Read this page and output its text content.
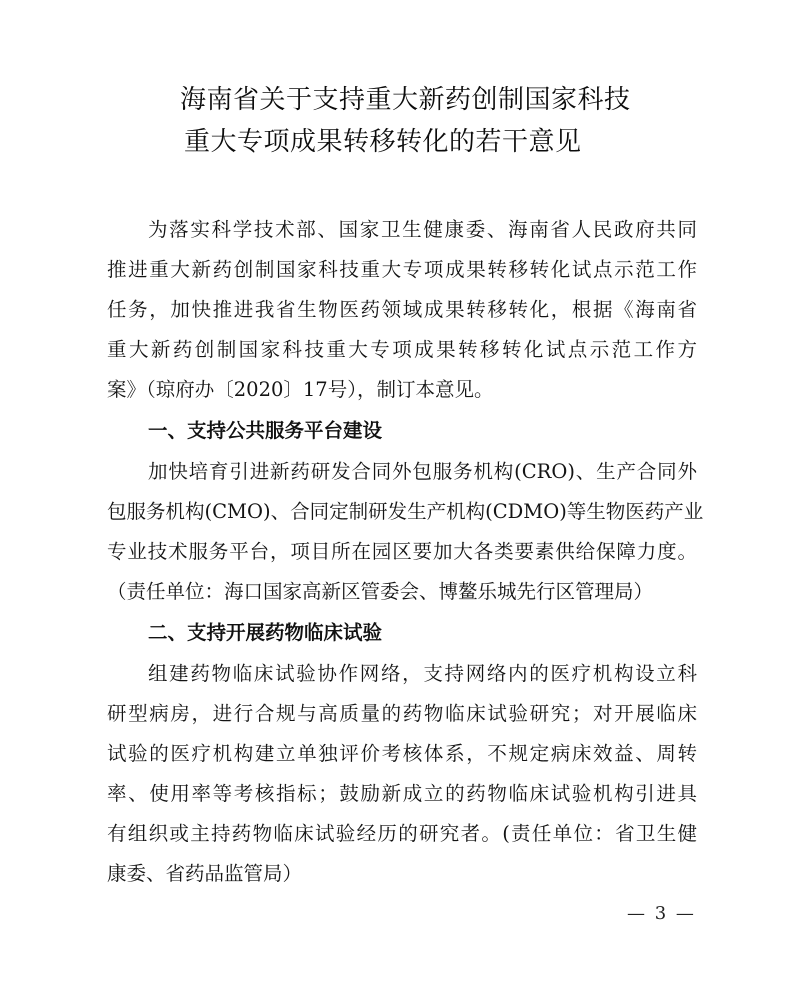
海南省关于支持重大新药创制国家科技
重大专项成果转移转化的若干意见
为落实科学技术部、国家卫生健康委、海南省人民政府共同
推进重大新药创制国家科技重大专项成果转移转化试点示范工作
任务，加快推进我省生物医药领域成果转移转化，根据《海南省
重大新药创制国家科技重大专项成果转移转化试点示范工作方
案》（琼府办〔2020〕17号），制订本意见。
一、支持公共服务平台建设
加快培育引进新药研发合同外包服务机构(CRO)、生产合同外
包服务机构(CMO)、合同定制研发生产机构(CDMO)等生物医药产业
专业技术服务平台，项目所在园区要加大各类要素供给保障力度。
（责任单位：海口国家高新区管委会、博鳌乐城先行区管理局）
二、支持开展药物临床试验
组建药物临床试验协作网络，支持网络内的医疗机构设立科
研型病房，进行合规与高质量的药物临床试验研究；对开展临床
试验的医疗机构建立单独评价考核体系，不规定病床效益、周转
率、使用率等考核指标；鼓励新成立的药物临床试验机构引进具
有组织或主持药物临床试验经历的研究者。(责任单位：省卫生健
康委、省药品监管局）
— 3 —
